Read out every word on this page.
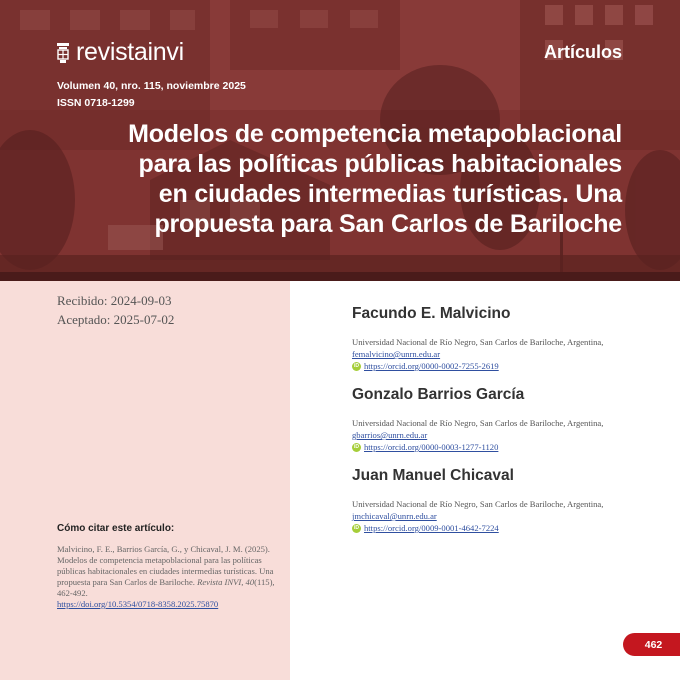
revistainvi	Artículos
Volumen 40, nro. 115, noviembre 2025
ISSN 0718-1299
Modelos de competencia metapoblacional
para las políticas públicas habitacionales
en ciudades intermedias turísticas. Una
propuesta para San Carlos de Bariloche
Recibido: 2024-09-03
Aceptado: 2025-07-02
Cómo citar este artículo:
Malvicino, F. E., Barrios García, G., y Chicaval, J. M. (2025). Modelos de competencia metapoblacional para las políticas públicas habitacionales en ciudades intermedias turísticas. Una propuesta para San Carlos de Bariloche. Revista INVI, 40(115), 462-492.
https://doi.org/10.5354/0718-8358.2025.75870
Facundo E. Malvicino
Universidad Nacional de Río Negro, San Carlos de Bariloche, Argentina,
femalvicino@unrn.edu.ar
iD https://orcid.org/0000-0002-7255-2619
Gonzalo Barrios García
Universidad Nacional de Río Negro, San Carlos de Bariloche, Argentina,
gbarrios@unrn.edu.ar
iD https://orcid.org/0000-0003-1277-1120
Juan Manuel Chicaval
Universidad Nacional de Río Negro, San Carlos de Bariloche, Argentina,
jmchicaval@unrn.edu.ar
iD https://orcid.org/0009-0001-4642-7224
462
